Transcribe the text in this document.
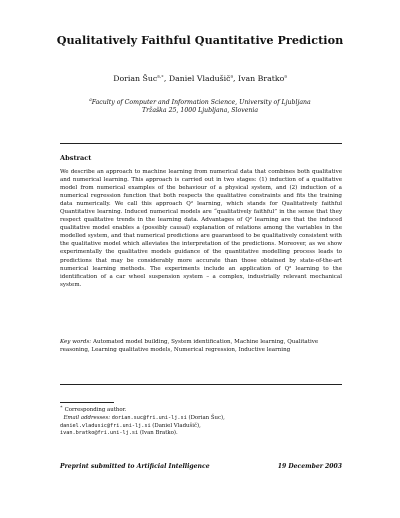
Qualitatively Faithful Quantitative Prediction
Dorian Šuc$^{a,∗}$, Daniel Vladušič$^a$, Ivan Bratko$^a$
$^a$Faculty of Computer and Information Science, University of Ljubljana
Tržaška 25, 1000 Ljubljana, Slovenia
Abstract

We describe an approach to machine learning from numerical data that combines both qualitative and numerical learning. This approach is carried out in two stages: (1) induction of a qualitative model from numerical examples of the behaviour of a physical system, and (2) induction of a numerical regression function that both respects the qualitative constraints and fits the training data numerically. We call this approach Q² learning, which stands for Qualitatively faithful Quantitative learning. Induced numerical models are “qualitatively faithful” in the sense that they respect qualitative trends in the learning data. Advantages of Q² learning are that the induced qualitative model enables a (possibly causal) explanation of relations among the variables in the modelled system, and that numerical predictions are guaranteed to be qualitatively consistent with the qualitative model which alleviates the interpretation of the predictions. Moreover, as we show experimentally the qualitative models guidance of the quantitative modelling process leads to predictions that may be considerably more accurate than those obtained by state-of-the-art numerical learning methods. The experiments include an application of Q² learning to the identification of a car wheel suspension system – a complex, industrially relevant mechanical system.

Key words: Automated model building, System identification, Machine learning, Qualitative reasoning, Learning qualitative models, Numerical regression, Inductive learning
∗ Corresponding author.
Email addresses: dorian.suc@fri.uni-lj.si (Dorian Šuc),
daniel.vladusic@fri.uni-lj.si (Daniel Vladušič),
ivan.bratko@fri.uni-lj.si (Ivan Bratko).
Preprint submitted to Artificial Intelligence	19 December 2003
